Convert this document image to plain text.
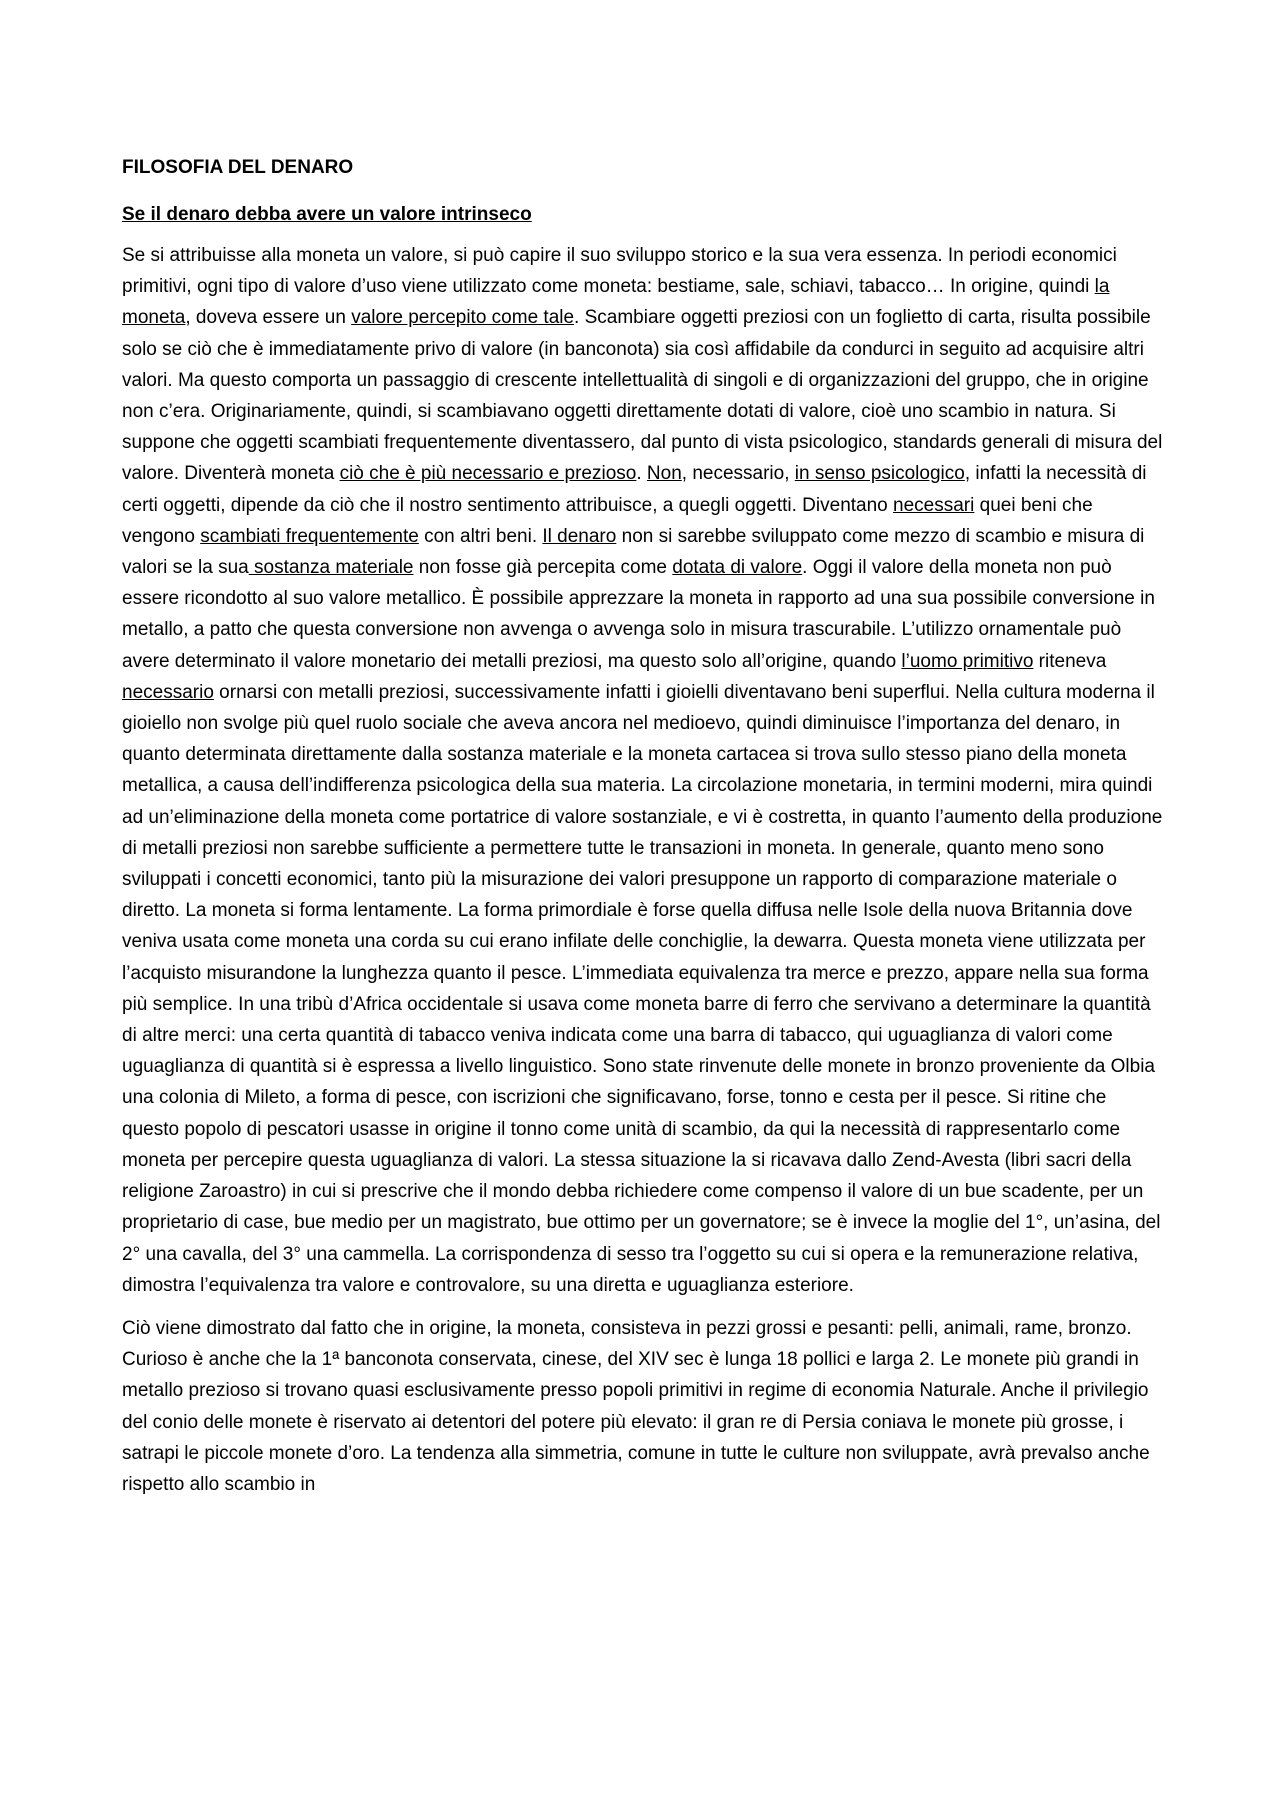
FILOSOFIA DEL DENARO
Se il denaro debba avere un valore intrinseco

Se si attribuisse alla moneta un valore, si può capire il suo sviluppo storico e la sua vera essenza. In periodi economici primitivi, ogni tipo di valore d’uso viene utilizzato come moneta: bestiame, sale, schiavi, tabacco… In origine, quindi la moneta, doveva essere un valore percepito come tale. Scambiare oggetti preziosi con un foglietto di carta, risulta possibile solo se ciò che è immediatamente privo di valore (in banconota) sia così affidabile da condurci in seguito ad acquisire altri valori. Ma questo comporta un passaggio di crescente intellettualità di singoli e di organizzazioni del gruppo, che in origine non c’era. Originariamente, quindi, si scambiavano oggetti direttamente dotati di valore, cioè uno scambio in natura. Si suppone che oggetti scambiati frequentemente diventassero, dal punto di vista psicologico, standards generali di misura del valore. Diventerà moneta ciò che è più necessario e prezioso. Non, necessario, in senso psicologico, infatti la necessità di certi oggetti, dipende da ciò che il nostro sentimento attribuisce, a quegli oggetti. Diventano necessari quei beni che vengono scambiati frequentemente con altri beni. Il denaro non si sarebbe sviluppato come mezzo di scambio e misura di valori se la sua sostanza materiale non fosse già percepita come dotata di valore. Oggi il valore della moneta non può essere ricondotto al suo valore metallico. È possibile apprezzare la moneta in rapporto ad una sua possibile conversione in metallo, a patto che questa conversione non avvenga o avvenga solo in misura trascurabile. L’utilizzo ornamentale può avere determinato il valore monetario dei metalli preziosi, ma questo solo all’origine, quando l’uomo primitivo riteneva necessario ornarsi con metalli preziosi, successivamente infatti i gioielli diventavano beni superflui. Nella cultura moderna il gioiello non svolge più quel ruolo sociale che aveva ancora nel medioevo, quindi diminuisce l’importanza del denaro, in quanto determinata direttamente dalla sostanza materiale e la moneta cartacea si trova sullo stesso piano della moneta metallica, a causa dell’indifferenza psicologica della sua materia. La circolazione monetaria, in termini moderni, mira quindi ad un’eliminazione della moneta come portatrice di valore sostanziale, e vi è costretta, in quanto l’aumento della produzione di metalli preziosi non sarebbe sufficiente a permettere tutte le transazioni in moneta. In generale, quanto meno sono sviluppati i concetti economici, tanto più la misurazione dei valori presuppone un rapporto di comparazione materiale o diretto. La moneta si forma lentamente. La forma primordiale è forse quella diffusa nelle Isole della nuova Britannia dove veniva usata come moneta una corda su cui erano infilate delle conchiglie, la dewarra. Questa moneta viene utilizzata per l’acquisto misurandone la lunghezza quanto il pesce. L’immediata equivalenza tra merce e prezzo, appare nella sua forma più semplice. In una tribù d’Africa occidentale si usava come moneta barre di ferro che servivano a determinare la quantità di altre merci: una certa quantità di tabacco veniva indicata come una barra di tabacco, qui uguaglianza di valori come uguaglianza di quantità si è espressa a livello linguistico. Sono state rinvenute delle monete in bronzo proveniente da Olbia una colonia di Mileto, a forma di pesce, con iscrizioni che significavano, forse, tonno e cesta per il pesce. Si ritine che questo popolo di pescatori usasse in origine il tonno come unità di scambio, da qui la necessità di rappresentarlo come moneta per percepire questa uguaglianza di valori. La stessa situazione la si ricavava dallo Zend-Avesta (libri sacri della religione Zaroastro) in cui si prescrive che il mondo debba richiedere come compenso il valore di un bue scadente, per un proprietario di case, bue medio per un magistrato, bue ottimo per un governatore; se è invece la moglie del 1°, un’asina, del 2° una cavalla, del 3° una cammella. La corrispondenza di sesso tra l’oggetto su cui si opera e la remunerazione relativa, dimostra l’equivalenza tra valore e controvalore, su una diretta e uguaglianza esteriore.

Ciò viene dimostrato dal fatto che in origine, la moneta, consisteva in pezzi grossi e pesanti: pelli, animali, rame, bronzo. Curioso è anche che la 1ª banconota conservata, cinese, del XIV sec è lunga 18 pollici e larga 2. Le monete più grandi in metallo prezioso si trovano quasi esclusivamente presso popoli primitivi in regime di economia Naturale. Anche il privilegio del conio delle monete è riservato ai detentori del potere più elevato: il gran re di Persia coniava le monete più grosse, i satrapi le piccole monete d’oro. La tendenza alla simmetria, comune in tutte le culture non sviluppate, avrà prevalso anche rispetto allo scambio in
